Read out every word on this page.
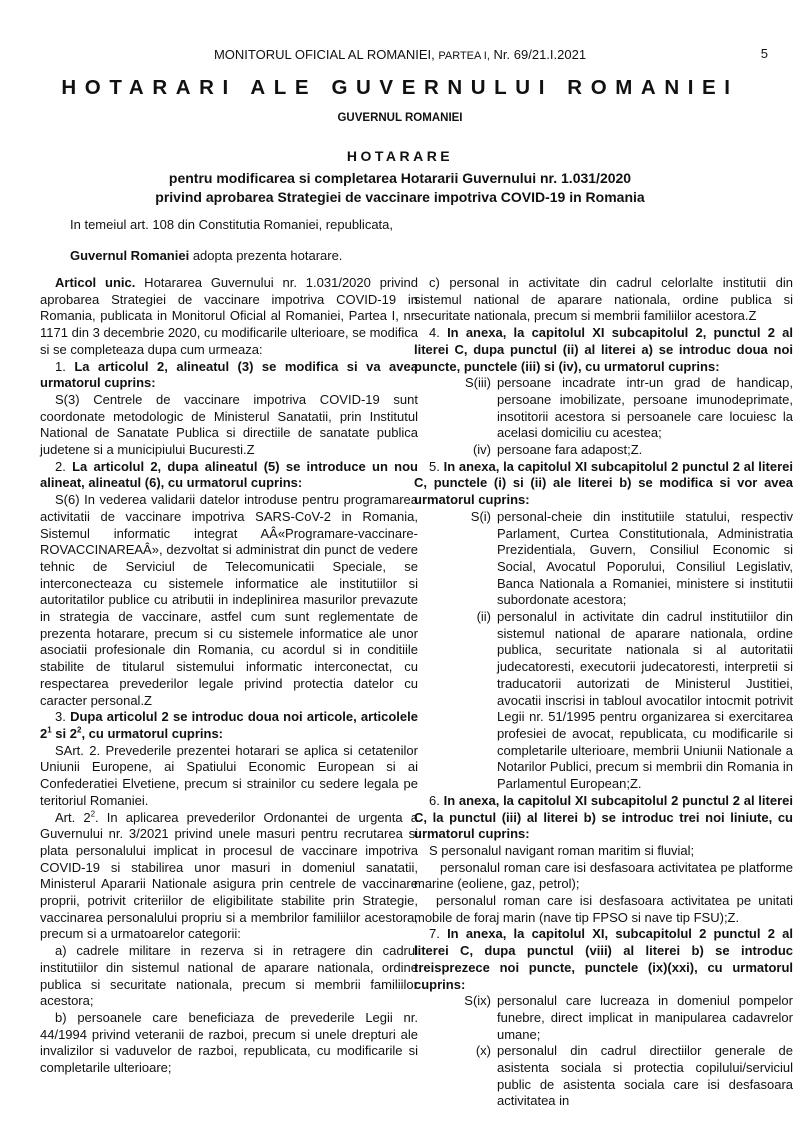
MONITORUL OFICIAL AL ROMANIEI, PARTEA I, Nr. 69/21.I.2021	5
HOTARARI ALE GUVERNULUI ROMANIEI
GUVERNUL ROMANIEI
HOTARARE
pentru modificarea si completarea Hotararii Guvernului nr. 1.031/2020
privind aprobarea Strategiei de vaccinare impotriva COVID-19 in Romania
In temeiul art. 108 din Constitutia Romaniei, republicata,
Guvernul Romaniei adopta prezenta hotarare.

Articol unic. Hotararea Guvernului nr. 1.031/2020 privind aprobarea Strategiei de vaccinare impotriva COVID-19 in Romania, publicata in Monitorul Oficial al Romaniei, Partea I, nr. 1171 din 3 decembrie 2020, cu modificarile ulterioare, se modifica si se completeaza dupa cum urmeaza:

1. La articolul 2, alineatul (3) se modifica si va avea urmatorul cuprins:

S(3) Centrele de vaccinare impotriva COVID-19 sunt coordonate metodologic de Ministerul Sanatatii, prin Institutul National de Sanatate Publica si directiile de sanatate publica judetene si a municipiului Bucuresti.Z

2. La articolul 2, dupa alineatul (5) se introduce un nou alineat, alineatul (6), cu urmatorul cuprins:

S(6) In vederea validarii datelor introduse pentru programarea activitatii de vaccinare impotriva SARS-CoV-2 in Romania, Sistemul informatic integrat AÂ«Programare-vaccinare-ROVACCINAREAÂ», dezvoltat si administrat din punct de vedere tehnic de Serviciul de Telecomunicatii Speciale, se interconecteaza cu sistemele informatice ale institutiilor si autoritatilor publice cu atributii in indeplinirea masurilor prevazute in strategia de vaccinare, astfel cum sunt reglementate de prezenta hotarare, precum si cu sistemele informatice ale unor asociatii profesionale din Romania, cu acordul si in conditiile stabilite de titularul sistemului informatic interconectat, cu respectarea prevederilor legale privind protectia datelor cu caracter personal.Z

3. Dupa articolul 2 se introduc doua noi articole, articolele $2^1$ si $2^2$, cu urmatorul cuprins:

SArt. 2. Prevederile prezentei hotarari se aplica si cetatenilor Uniunii Europene, ai Spatiului Economic European si ai Confederatiei Elvetiene, precum si strainilor cu sedere legala pe teritoriul Romaniei.

Art. $2^2$. In aplicarea prevederilor Ordonantei de urgenta a Guvernului nr. 3/2021 privind unele masuri pentru recrutarea si plata personalului implicat in procesul de vaccinare impotriva COVID-19 si stabilirea unor masuri in domeniul sanatatii, Ministerul Apararii Nationale asigura prin centrele de vaccinare proprii, potrivit criteriilor de eligibilitate stabilite prin Strategie, vaccinarea personalului propriu si a membrilor familiilor acestora, precum si a urmatoarelor categorii:

a) cadrele militare in rezerva si in retragere din cadrul institutiilor din sistemul national de aparare nationala, ordine publica si securitate nationala, precum si membrii familiilor acestora;

b) persoanele care beneficiaza de prevederile Legii nr. 44/1994 privind veteranii de razboi, precum si unele drepturi ale invalizilor si vaduvelor de razboi, republicata, cu modificarile si completarile ulterioare;

c) personal in activitate din cadrul celorlalte institutii din sistemul national de aparare nationala, ordine publica si securitate nationala, precum si membrii familiilor acestora.Z

4. In anexa, la capitolul XI subcapitolul 2, punctul 2 al literei C, dupa punctul (ii) al literei a) se introduc doua noi puncte, punctele (iii) si (iv), cu urmatorul cuprins:

S(iii) persoane incadrate intr-un grad de handicap, persoane imobilizate, persoane imunodeprimate, insotitorii acestora si persoanele care locuiesc la acelasi domiciliu cu acestea;
(iv) persoane fara adapost;Z.

5. In anexa, la capitolul XI subcapitolul 2 punctul 2 al literei C, punctele (i) si (ii) ale literei b) se modifica si vor avea urmatorul cuprins:

S(i) personal-cheie din institutiile statului, respectiv Parlament, Curtea Constitutionala, Administratia Prezidentiala, Guvern, Consiliul Economic si Social, Avocatul Poporului, Consiliul Legislativ, Banca Nationala a Romaniei, ministere si institutii subordonate acestora;
(ii) personalul in activitate din cadrul institutiilor din sistemul national de aparare nationala, ordine publica, securitate nationala si al autoritatii judecatoresti, executorii judecatoresti, interpretii si traducatorii autorizati de Ministerul Justitiei, avocatii inscrisi in tabloul avocatilor intocmit potrivit Legii nr. 51/1995 pentru organizarea si exercitarea profesiei de avocat, republicata, cu modificarile si completarile ulterioare, membrii Uniunii Nationale a Notarilor Publici, precum si membrii din Romania in Parlamentul European;Z.

6. In anexa, la capitolul XI subcapitolul 2 punctul 2 al literei C, la punctul (iii) al literei b) se introduc trei noi liniute, cu urmatorul cuprins:

S personalul navigant roman maritim si fluvial;

personalul roman care isi desfasoara activitatea pe platforme marine (eoliene, gaz, petrol);

personalul roman care isi desfasoara activitatea pe unitati mobile de foraj marin (nave tip FPSO si nave tip FSU);Z.

7. In anexa, la capitolul XI, subcapitolul 2 punctul 2 al literei C, dupa punctul (viii) al literei b) se introduc treisprezece noi puncte, punctele (ix)(xxi), cu urmatorul cuprins:

S(ix) personalul care lucreaza in domeniul pompelor funebre, direct implicat in manipularea cadavrelor umane;
(x) personalul din cadrul directiilor generale de asistenta sociala si protectia copilului/serviciul public de asistenta sociala care isi desfasoara activitatea in
